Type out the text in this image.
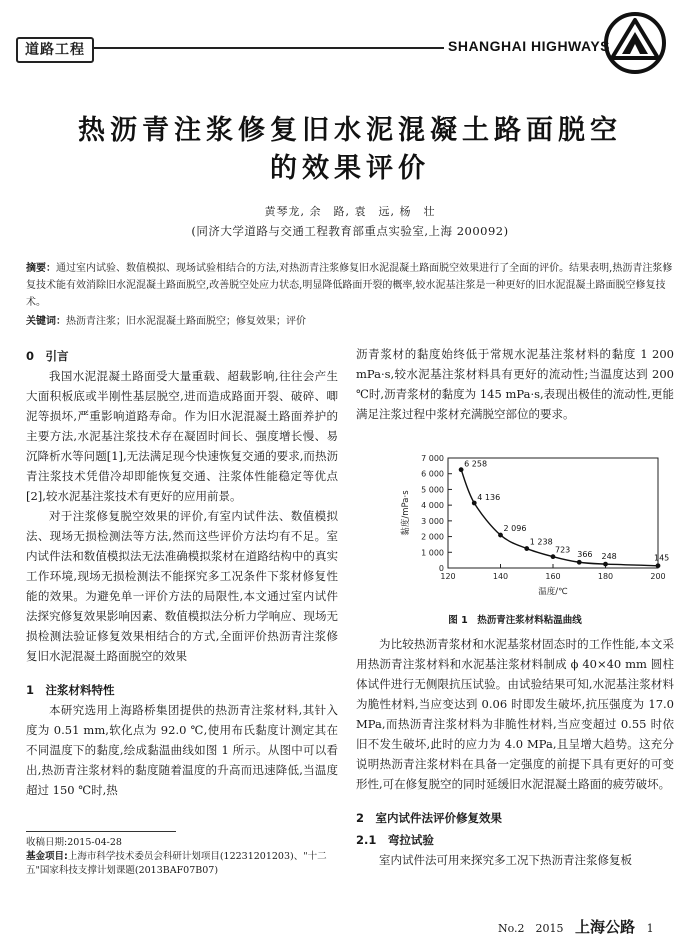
道路工程	SHANGHAI HIGHWAYS
热沥青注浆修复旧水泥混凝土路面脱空
的效果评价
黄琴龙, 余　路, 袁　远, 杨　壮
(同济大学道路与交通工程教育部重点实验室,上海 200092)
摘要：通过室内试验、数值模拟、现场试验相结合的方法,对热沥青注浆修复旧水泥混凝土路面脱空效果进行了全面的评价。结果表明,热沥青注浆修复技术能有效消除旧水泥混凝土路面脱空,改善脱空处应力状态,明显降低路面开裂的概率,较水泥基注浆是一种更好的旧水泥混凝土路面脱空修复技术。
关键词：热沥青注浆；旧水泥混凝土路面脱空；修复效果；评价
0　引言

我国水泥混凝土路面受大量重载、超载影响,往往会产生大面积板底或半刚性基层脱空,进而造成路面开裂、破碎、唧泥等损坏,严重影响道路寿命。作为旧水泥混凝土路面养护的主要方法,水泥基注浆技术存在凝固时间长、强度增长慢、易沉降析水等问题[1],无法满足现今快速恢复交通的要求,而热沥青注浆技术凭借冷却即能恢复交通、注浆体性能稳定等优点[2],较水泥基注浆技术有更好的应用前景。

对于注浆修复脱空效果的评价,有室内试件法、数值模拟法、现场无损检测法等方法,然而这些评价方法均有不足。室内试件法和数值模拟法无法准确模拟浆材在道路结构中的真实工作环境,现场无损检测法不能探究多工况条件下浆材修复性能的效果。为避免单一评价方法的局限性,本文通过室内试件法探究修复效果影响因素、数值模拟法分析力学响应、现场无损检测法验证修复效果相结合的方式,全面评价热沥青注浆修复旧水泥混凝土路面脱空的效果

1　注浆材料特性

本研究选用上海路桥集团提供的热沥青注浆材料,其针入度为 0.51 mm,软化点为 92.0 ℃,使用布氏黏度计测定其在不同温度下的黏度,绘成黏温曲线如图 1 所示。从图中可以看出,热沥青注浆材料的黏度随着温度的升高而迅速降低,当温度超过 150 ℃时,热

收稿日期:2015-04-28
基金项目:上海市科学技术委员会科研计划项目(12231201203)、"十二五"国家科技支撑计划课题(2013BAF07B07)

沥青浆材的黏度始终低于常规水泥基注浆材料的黏度 1 200 mPa·s,较水泥基注浆材料具有更好的流动性;当温度达到 200 ℃时,沥青浆材的黏度为 145 mPa·s,表现出极佳的流动性,更能满足注浆过程中浆材充满脱空部位的要求。

0
1 000
2 000
3 000
4 000
5 000
6 000
7 000
120	140	160	180	200
温度/℃
黏度/mPa·s
6 258
4 136
2 096
1 238
723
366 248	145
图 1　热沥青注浆材料粘温曲线

为比较热沥青浆材和水泥基浆材固态时的工作性能,本文采用热沥青注浆材料和水泥基注浆材料制成 ϕ 40×40 mm 圆柱体试件进行无侧限抗压试验。由试验结果可知,水泥基注浆材料为脆性材料,当应变达到 0.06 时即发生破坏,抗压强度为 17.0 MPa,而热沥青注浆材料为非脆性材料,当应变超过 0.55 时依旧不发生破坏,此时的应力为 4.0 MPa,且呈增大趋势。这充分说明热沥青注浆材料在具备一定强度的前提下具有更好的可变形性,可在修复脱空的同时延缓旧水泥混凝土路面的疲劳破坏。

2　室内试件法评价修复效果
2.1　弯拉试验

室内试件法可用来探究多工况下热沥青注浆修复板

No.2　2015 上海公路 1
